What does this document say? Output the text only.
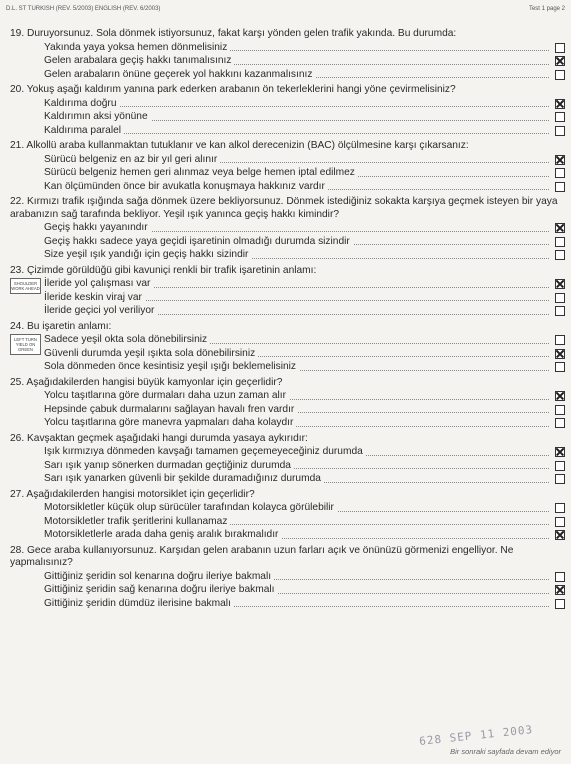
D.L. ST TURKISH (REV. 5/2003) ENGLISH (REV. 6/2003)	Test 1 page 2
19. Duruyorsunuz. Sola dönmek istiyorsunuz, fakat karşı yönden gelen trafik yakında. Bu durumda:
Yakında yaya yoksa hemen dönmelisiniz
Gelen arabalara geçiş hakkı tanımalısınız
Gelen arabaların önüne geçerek yol hakkını kazanmalısınız
20. Yokuş aşağı kaldırım yanına park ederken arabanın ön tekerleklerini hangi yöne çevirmelisiniz?
Kaldırıma doğru
Kaldırımın aksi yönüne
Kaldırıma paralel
21. Alkollü araba kullanmaktan tutuklanır ve kan alkol derecenizin (BAC) ölçülmesine karşı çıkarsanız:
Sürücü belgeniz en az bir yıl geri alınır
Sürücü belgeniz hemen geri alınmaz veya belge hemen iptal edilmez
Kan ölçümünden önce bir avukatla konuşmaya hakkınız vardır
22. Kırmızı trafik ışığında sağa dönmek üzere bekliyorsunuz. Dönmek istediğiniz sokakta karşıya geçmek isteyen bir yaya arabanızın sağ tarafında bekliyor. Yeşil ışık yanınca geçiş hakkı kimindir?
Geçiş hakkı yayanındır
Geçiş hakkı sadece yaya geçidi işaretinin olmadığı durumda sizindir
Size yeşil ışık yandığı için geçiş hakkı sizindir
23. Çizimde görüldüğü gibi kavuniçi renkli bir trafik işaretinin anlamı:
SHOULDER WORK AHEAD İleride yol çalışması var
İleride keskin viraj var
İleride geçici yol veriliyor
24. Bu işaretin anlamı:
LEFT TURN YIELD ON GREEN
Sadece yeşil okta sola dönebilirsiniz
Güvenli durumda yeşil ışıkta sola dönebilirsiniz
Sola dönmeden önce kesintisiz yeşil ışığı beklemelisiniz
25. Aşağıdakilerden hangisi büyük kamyonlar için geçerlidir?
Yolcu taşıtlarına göre durmaları daha uzun zaman alır
Hepsinde çabuk durmalarını sağlayan havalı fren vardır
Yolcu taşıtlarına göre manevra yapmaları daha kolaydır
26. Kavşaktan geçmek aşağıdaki hangi durumda yasaya aykırıdır:
Işık kırmızıya dönmeden kavşağı tamamen geçemeyeceğiniz durumda
Sarı ışık yanıp sönerken durmadan geçtiğiniz durumda
Sarı ışık yanarken güvenli bir şekilde duramadığınız durumda
27. Aşağıdakilerden hangisi motorsiklet için geçerlidir?
Motorsikletler küçük olup sürücüler tarafından kolayca görülebilir
Motorsikletler trafik şeritlerini kullanamaz
Motorsikletlerle arada daha geniş aralık bırakmalıdır
28. Gece araba kullanıyorsunuz. Karşıdan gelen arabanın uzun farları açık ve önünüzü görmenizi engelliyor. Ne yapmalısınız?
Gittiğiniz şeridin sol kenarına doğru ileriye bakmalı
Gittiğiniz şeridin sağ kenarına doğru ileriye bakmalı
Gittiğiniz şeridin dümdüz ilerisine bakmalı
628 SEP 11 2003
Bir sonraki sayfada devam ediyor
